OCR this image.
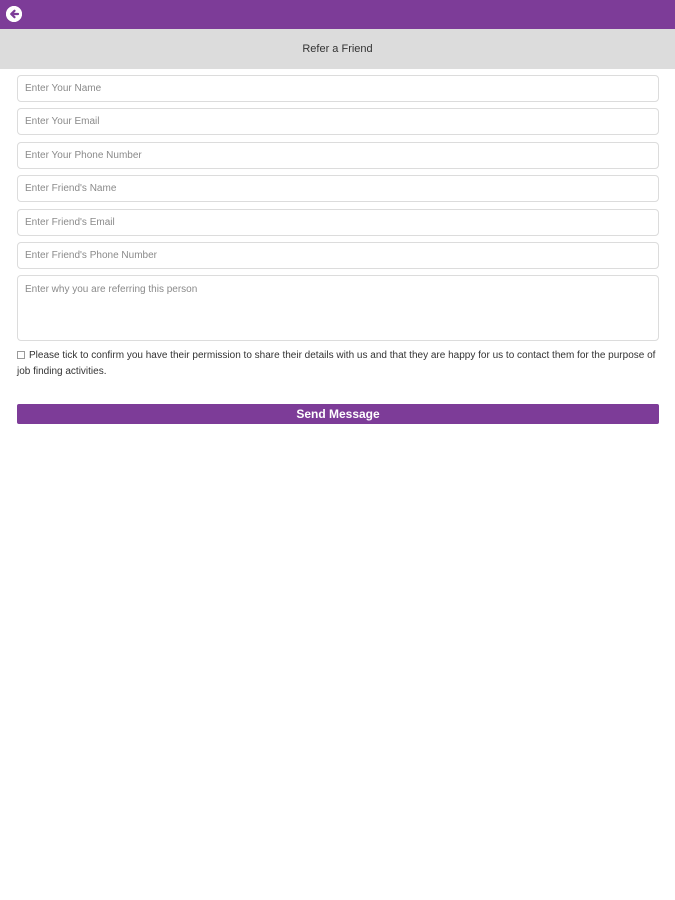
Refer a Friend
Enter Your Name
Enter Your Email
Enter Your Phone Number
Enter Friend's Name
Enter Friend's Email
Enter Friend's Phone Number
Enter why you are referring this person
Please tick to confirm you have their permission to share their details with us and that they are happy for us to contact them for the purpose of job finding activities.
Send Message
